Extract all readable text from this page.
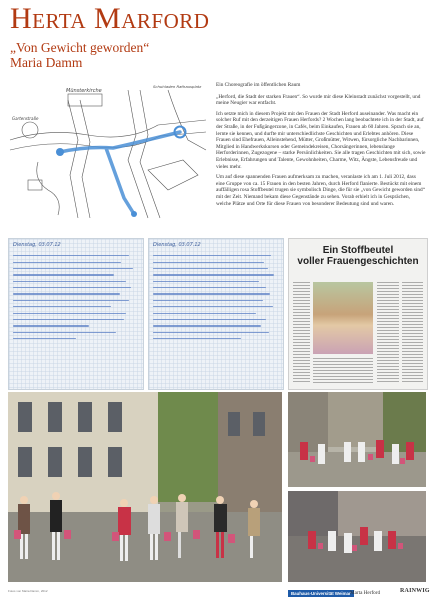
Herta Marford
„Von Gewicht geworden“
Maria Damm
Münsterkirche
Gartenstraße
Schuhladen Rathausplatz	Ein Choreografie im öffentlichen Raum

„Herford, die Stadt der starken Frauen“. So wurde mir diese Kleinstadt zunächst vorgestellt, und meine Neugier war entfacht.

Ich setzte mich in diesem Projekt mit den Frauen der Stadt Herford auseinander. Was macht ein solcher Ruf mit den derzeitigen Frauen Herfords? 2 Wochen lang beobachtete ich in der Stadt, auf der Straße, in der Fußgängerzone, in Cafés, beim Einkaufen, Frauen ab 60 Jahren. Sprach sie an, lernte sie kennen, und durfte mir unterschiedlichste Geschichten und Erlebtes anhören. Diese Frauen sind Ehefrauen, Alleinstehend, Mütter, Großmütter, Witwen, fürsorgliche Nachbarinnen, Mitglied in Handwerkskursen oder Gemeindekreisen, Chorsängerinnen, lebenslange Herforderinnen, Zugezogene – starke Persönlichkeiten. Sie alle tragen Geschichten mit sich, sowie Erlebnisse, Erfahrungen und Talente, Gewohnheiten, Charme, Witz, Ängste, Lebensfreude und vieles mehr.

Um auf diese spannenden Frauen aufmerksam zu machen, veranlaste ich am 1. Juli 2012, dass eine Gruppe von ca. 15 Frauen in den besten Jahren, durch Herford flanierte. Bestückt mit einem auffälligen rosa Stoffbeutel trugen sie symbolisch Dinge, die für sie „von Gewicht geworden sind“ mit der Zeit. Niemand bekam diese Gegenstände zu sehen. Vorab erhielt ich in Gesprächen, welche Plätze und Orte für diese Frauen von besonderer Bedeutung sind und waren.

Dienstag, 03.07.12	Dienstag, 03.07.12	Ein Stoffbeutel
voller Frauengeschichten
Fotos von Maria Damm, 2012	Bauhaus-Universität Weimar Marta Herford	RAINWIG
